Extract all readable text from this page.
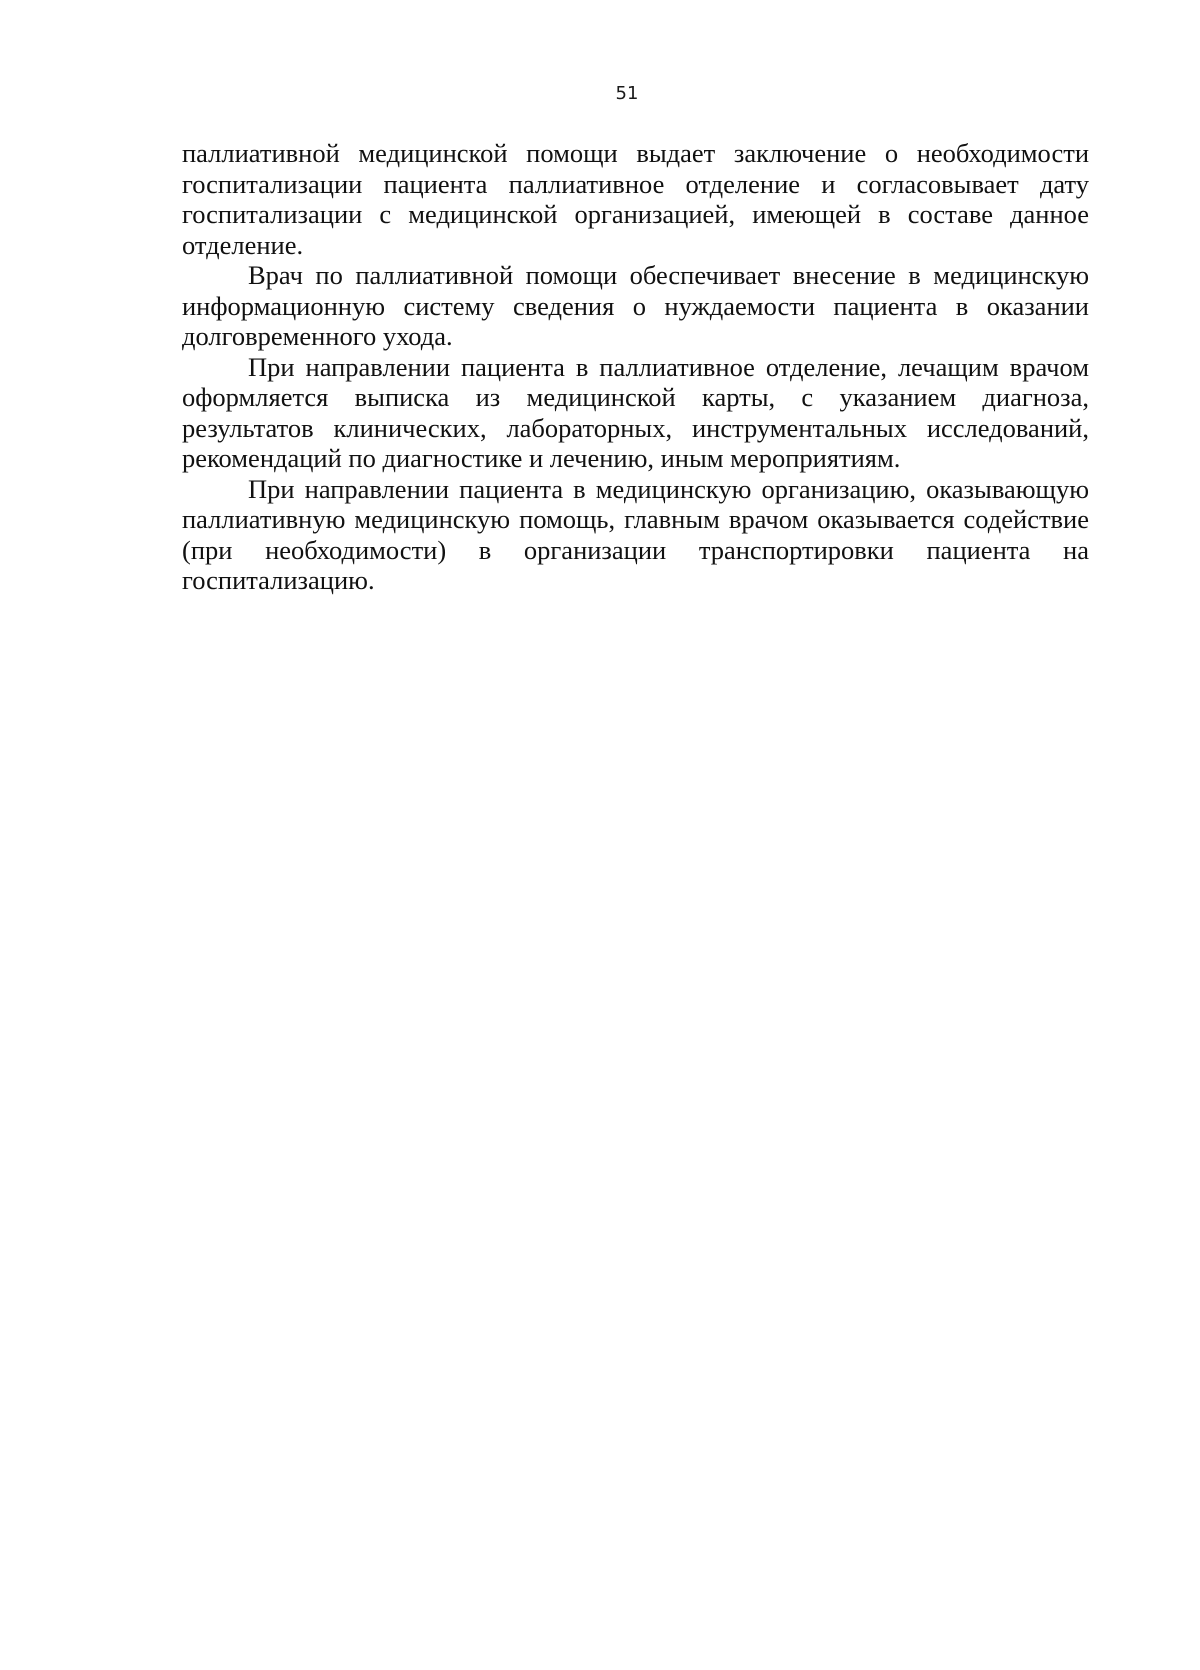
51

паллиативной медицинской помощи выдает заключение о необходимости госпитализации пациента паллиативное отделение и согласовывает дату госпитализации с медицинской организацией, имеющей в составе данное отделение.

Врач по паллиативной помощи обеспечивает внесение в медицинскую информационную систему сведения о нуждаемости пациента в оказании долговременного ухода.

При направлении пациента в паллиативное отделение, лечащим врачом оформляется выписка из медицинской карты, с указанием диагноза, результатов клинических, лабораторных, инструментальных исследований, рекомендаций по диагностике и лечению, иным мероприятиям.

При направлении пациента в медицинскую организацию, оказывающую паллиативную медицинскую помощь, главным врачом оказывается содействие (при необходимости) в организации транспортировки пациента на госпитализацию.
